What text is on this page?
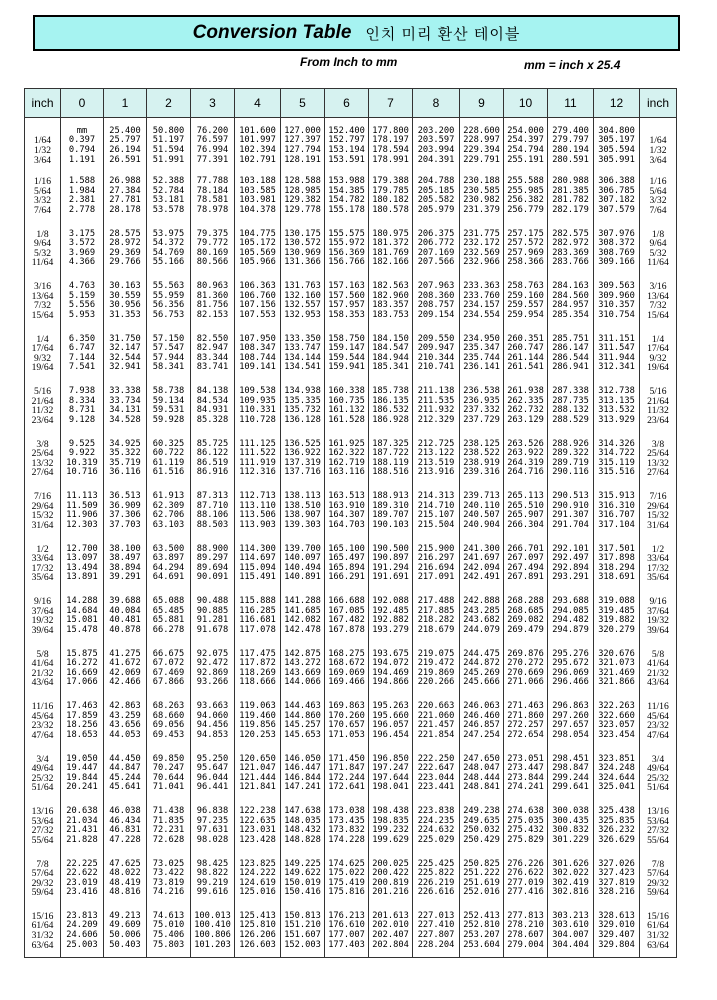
Conversion Table 인치 미리 환산 테이블
From Inch to mm	mm = inch x 25.4
inch	0	1	2	3	4	5	6	7	8	9	10	11	12	inch

1/64
1/32
3/64	mm
0.397
0.794
1.191	25.400
25.797
26.194
26.591	50.800
51.197
51.594
51.991	76.200
76.597
76.994
77.391	101.600
101.997
102.394
102.791	127.000
127.397
127.794
128.191	152.400
152.797
153.194
153.591	177.800
178.197
178.594
178.991	203.200
203.597
203.994
204.391	228.600
228.997
229.394
229.791	254.000
254.397
254.794
255.191	279.400
279.797
280.194
280.591	304.800
305.197
305.594
305.991	1/64
1/32
3/64

1/16
5/64
3/32
7/64	1.588
1.984
2.381
2.778	26.988
27.384
27.781
28.178	52.388
52.784
53.181
53.578	77.788
78.184
78.581
78.978	103.188
103.585
103.981
104.378	128.588
128.985
129.382
129.778	153.988
154.385
154.782
155.178	179.388
179.785
180.182
180.578	204.788
205.185
205.582
205.979	230.188
230.585
230.982
231.379	255.588
255.985
256.382
256.779	280.988
281.385
281.782
282.179	306.388
306.785
307.182
307.579	1/16
5/64
3/32
7/64

1/8
9/64
5/32
11/64	3.175
3.572
3.969
4.366	28.575
28.972
29.369
29.766	53.975
54.372
54.769
55.166	79.375
79.772
80.169
80.566	104.775
105.172
105.569
105.966	130.175
130.572
130.969
131.366	155.575
155.972
156.369
156.766	180.975
181.372
181.769
182.166	206.375
206.772
207.169
207.566	231.775
232.172
232.569
232.966	257.175
257.572
257.969
258.366	282.575
282.972
283.369
283.766	307.976
308.372
308.769
309.166	1/8
9/64
5/32
11/64

3/16
13/64
7/32
15/64	4.763
5.159
5.556
5.953	30.163
30.559
30.956
31.353	55.563
55.959
56.356
56.753	80.963
81.360
81.756
82.153	106.363
106.760
107.156
107.553	131.763
132.160
132.557
132.953	157.163
157.560
157.957
158.353	182.563
182.960
183.357
183.753	207.963
208.360
208.757
209.154	233.363
233.760
234.157
234.554	258.763
259.160
259.557
259.954	284.163
284.560
284.957
285.354	309.563
309.960
310.357
310.754	3/16
13/64
7/32
15/64

1/4
17/64
9/32
19/64	6.350
6.747
7.144
7.541	31.750
32.147
32.544
32.941	57.150
57.547
57.944
58.341	82.550
82.947
83.344
83.741	107.950
108.347
108.744
109.141	133.350
133.747
134.144
134.541	158.750
159.147
159.544
159.941	184.150
184.547
184.944
185.341	209.550
209.947
210.344
210.741	234.950
235.347
235.744
236.141	260.351
260.747
261.144
261.541	285.751
286.147
286.544
286.941	311.151
311.547
311.944
312.341	1/4
17/64
9/32
19/64

5/16
21/64
11/32
23/64	7.938
8.334
8.731
9.128	33.338
33.734
34.131
34.528	58.738
59.134
59.531
59.928	84.138
84.534
84.931
85.328	109.538
109.935
110.331
110.728	134.938
135.335
135.732
136.128	160.338
160.735
161.132
161.528	185.738
186.135
186.532
186.928	211.138
211.535
211.932
212.329	236.538
236.935
237.332
237.729	261.938
262.335
262.732
263.129	287.338
287.735
288.132
288.529	312.738
313.135
313.532
313.929	5/16
21/64
11/32
23/64

3/8
25/64
13/32
27/64	9.525
9.922
10.319
10.716	34.925
35.322
35.719
36.116	60.325
60.722
61.119
61.516	85.725
86.122
86.519
86.916	111.125
111.522
111.919
112.316	136.525
136.922
137.319
137.716	161.925
162.322
162.719
163.116	187.325
187.722
188.119
188.516	212.725
213.122
213.519
213.916	238.125
238.522
238.919
239.316	263.526
263.922
264.319
264.716	288.926
289.322
289.719
290.116	314.326
314.722
315.119
315.516	3/8
25/64
13/32
27/64

7/16
29/64
15/32
31/64	11.113
11.509
11.906
12.303	36.513
36.909
37.306
37.703	61.913
62.309
62.706
63.103	87.313
87.710
88.106
88.503	112.713
113.110
113.506
113.903	138.113
138.510
138.907
139.303	163.513
163.910
164.307
164.703	188.913
189.310
189.707
190.103	214.313
214.710
215.107
215.504	239.713
240.110
240.507
240.904	265.113
265.510
265.907
266.304	290.513
290.910
291.307
291.704	315.913
316.310
316.707
317.104	7/16
29/64
15/32
31/64

1/2
33/64
17/32
35/64	12.700
13.097
13.494
13.891	38.100
38.497
38.894
39.291	63.500
63.897
64.294
64.691	88.900
89.297
89.694
90.091	114.300
114.697
115.094
115.491	139.700
140.097
140.494
140.891	165.100
165.497
165.894
166.291	190.500
190.897
191.294
191.691	215.900
216.297
216.694
217.091	241.300
241.697
242.094
242.491	266.701
267.097
267.494
267.891	292.101
292.497
292.894
293.291	317.501
317.898
318.294
318.691	1/2
33/64
17/32
35/64

9/16
37/64
19/32
39/64	14.288
14.684
15.081
15.478	39.688
40.084
40.481
40.878	65.088
65.485
65.881
66.278	90.488
90.885
91.281
91.678	115.888
116.285
116.681
117.078	141.288
141.685
142.082
142.478	166.688
167.085
167.482
167.878	192.088
192.485
192.882
193.279	217.488
217.885
218.282
218.679	242.888
243.285
243.682
244.079	268.288
268.685
269.082
269.479	293.688
294.085
294.482
294.879	319.088
319.485
319.882
320.279	9/16
37/64
19/32
39/64

5/8
41/64
21/32
43/64	15.875
16.272
16.669
17.066	41.275
41.672
42.069
42.466	66.675
67.072
67.469
67.866	92.075
92.472
92.869
93.266	117.475
117.872
118.269
118.666	142.875
143.272
143.669
144.066	168.275
168.672
169.069
169.466	193.675
194.072
194.469
194.866	219.075
219.472
219.869
220.266	244.475
244.872
245.269
245.666	269.876
270.272
270.669
271.066	295.276
295.672
296.069
296.466	320.676
321.073
321.469
321.866	5/8
41/64
21/32
43/64

11/16
45/64
23/32
47/64	17.463
17.859
18.256
18.653	42.863
43.259
43.656
44.053	68.263
68.660
69.056
69.453	93.663
94.060
94.456
94.853	119.063
119.460
119.856
120.253	144.463
144.860
145.257
145.653	169.863
170.260
170.657
171.053	195.263
195.660
196.057
196.454	220.663
221.060
221.457
221.854	246.063
246.460
246.857
247.254	271.463
271.860
272.257
272.654	296.863
297.260
297.657
298.054	322.263
322.660
323.057
323.454	11/16
45/64
23/32
47/64

3/4
49/64
25/32
51/64	19.050
19.447
19.844
20.241	44.450
44.847
45.244
45.641	69.850
70.247
70.644
71.041	95.250
95.647
96.044
96.441	120.650
121.047
121.444
121.841	146.050
146.447
146.844
147.241	171.450
171.847
172.244
172.641	196.850
197.247
197.644
198.041	222.250
222.647
223.044
223.441	247.650
248.047
248.444
248.841	273.051
273.447
273.844
274.241	298.451
298.847
299.244
299.641	323.851
324.248
324.644
325.041	3/4
49/64
25/32
51/64

13/16
53/64
27/32
55/64	20.638
21.034
21.431
21.828	46.038
46.434
46.831
47.228	71.438
71.835
72.231
72.628	96.838
97.235
97.631
98.028	122.238
122.635
123.031
123.428	147.638
148.035
148.432
148.828	173.038
173.435
173.832
174.228	198.438
198.835
199.232
199.629	223.838
224.235
224.632
225.029	249.238
249.635
250.032
250.429	274.638
275.035
275.432
275.829	300.038
300.435
300.832
301.229	325.438
325.835
326.232
326.629	13/16
53/64
27/32
55/64

7/8
57/64
29/32
59/64	22.225
22.622
23.019
23.416	47.625
48.022
48.419
48.816	73.025
73.422
73.819
74.216	98.425
98.822
99.219
99.616	123.825
124.222
124.619
125.016	149.225
149.622
150.019
150.416	174.625
175.022
175.419
175.816	200.025
200.422
200.819
201.216	225.425
225.822
226.219
226.616	250.825
251.222
251.619
252.016	276.226
276.622
277.019
277.416	301.626
302.022
302.419
302.816	327.026
327.423
327.819
328.216	7/8
57/64
29/32
59/64

15/16
61/64
31/32
63/64	23.813
24.209
24.606
25.003	49.213
49.609
50.006
50.403	74.613
75.010
75.406
75.803	100.013
100.410
100.806
101.203	125.413
125.810
126.206
126.603	150.813
151.210
151.607
152.003	176.213
176.610
177.007
177.403	201.613
202.010
202.407
202.804	227.013
227.410
227.807
228.204	252.413
252.810
253.207
253.604	277.813
278.210
278.607
279.004	303.213
303.610
304.007
304.404	328.613
329.010
329.407
329.804	15/16
61/64
31/32
63/64
